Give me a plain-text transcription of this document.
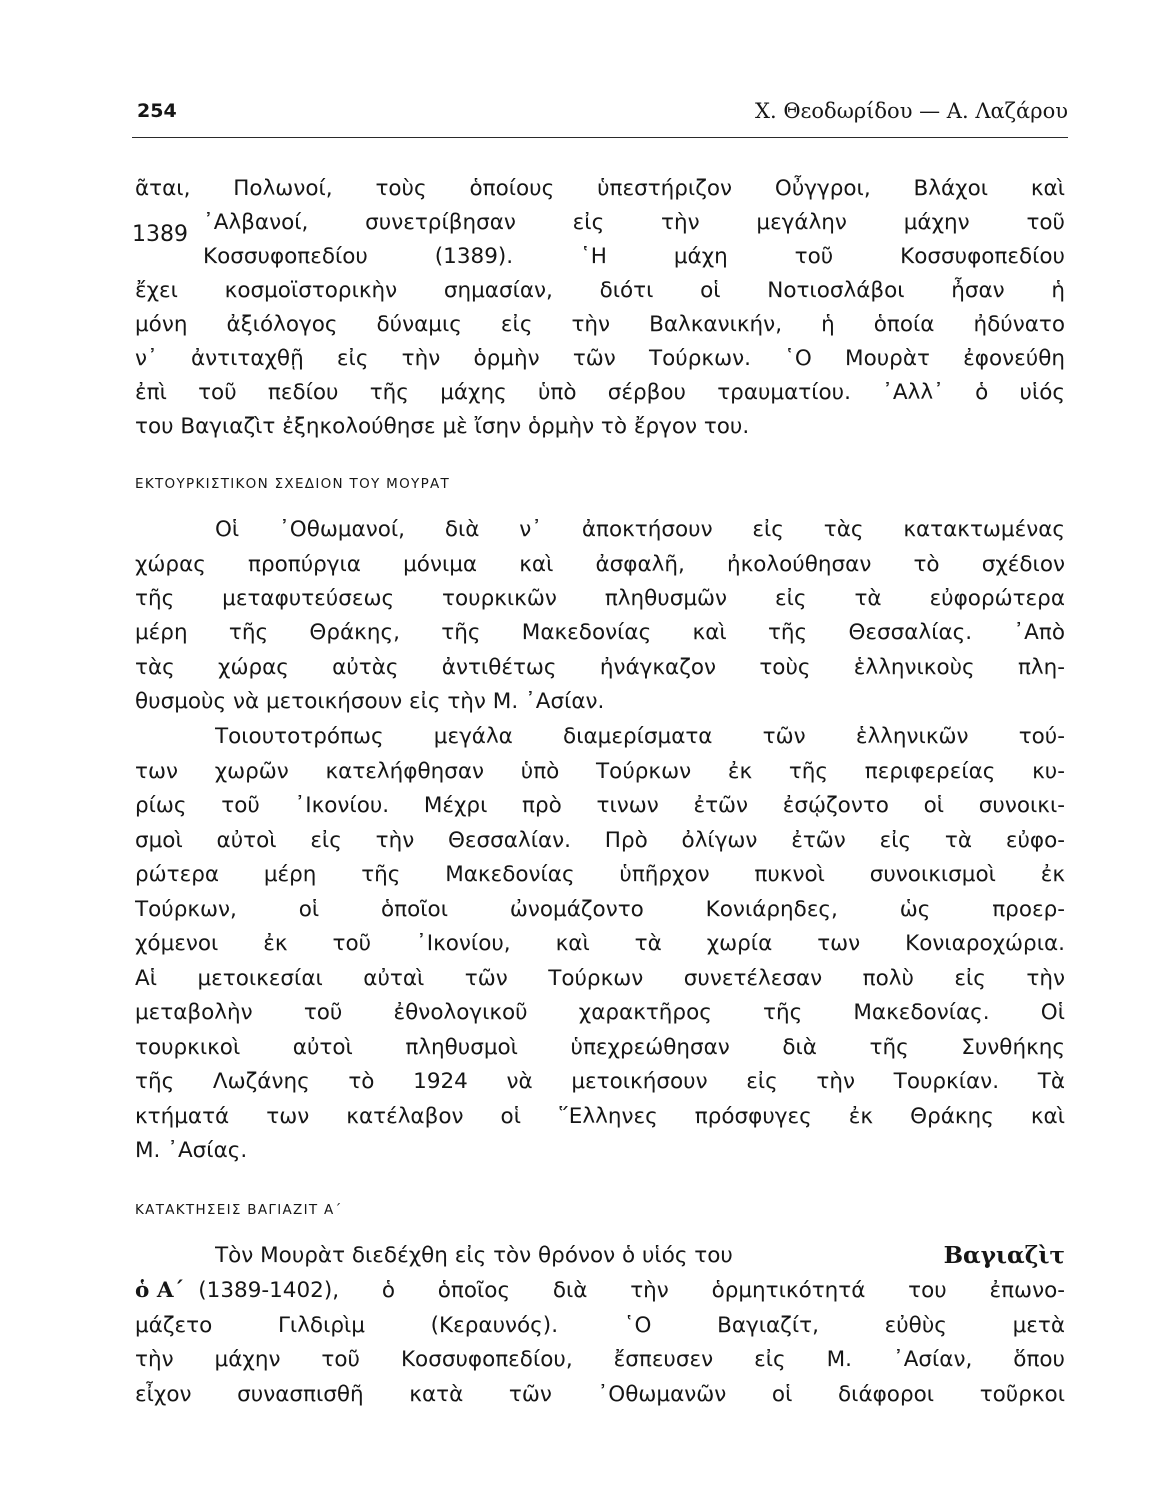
254	Χ. Θεοδωρίδου — Α. Λαζάρου
1389
ᾶται, Πολωνοί, τοὺς ὁποίους ὑπεστήριζον Οὖγγροι, Βλάχοι καὶ
᾽Αλβανοί, συνετρίβησαν εἰς τὴν μεγάλην μάχην τοῦ
Κοσσυφοπεδίου (1389). ῾Η μάχη τοῦ Κοσσυφοπεδίου
ἔχει κοσμοϊστορικὴν σημασίαν, διότι οἱ Νοτιοσλάβοι ἦσαν ἡ
μόνη ἀξιόλογος δύναμις εἰς τὴν Βαλκανικήν, ἡ ὁποία ἠδύνατο
ν᾽ ἀντιταχθῇ εἰς τὴν ὁρμὴν τῶν Τούρκων. ῾Ο Μουρὰτ ἐφονεύθη
ἐπὶ τοῦ πεδίου τῆς μάχης ὑπὸ σέρβου τραυματίου. ᾽Αλλ᾽ ὁ υἱός
του Βαγιαζὶτ ἐξηκολούθησε μὲ ἴσην ὁρμὴν τὸ ἔργον του.
ΕΚΤΟΥΡΚΙΣΤΙΚΟΝ ΣΧΕΔΙΟΝ ΤΟΥ ΜΟΥΡΑΤ
Οἱ ᾽Οθωμανοί, διὰ ν᾽ ἀποκτήσουν εἰς τὰς κατακτωμένας
χώρας προπύργια μόνιμα καὶ ἀσφαλῆ, ἠκολούθησαν τὸ σχέδιον
τῆς μεταφυτεύσεως τουρκικῶν πληθυσμῶν εἰς τὰ εὐφορώτερα
μέρη τῆς Θράκης, τῆς Μακεδονίας καὶ τῆς Θεσσαλίας. ᾽Απὸ
τὰς χώρας αὐτὰς ἀντιθέτως ἠνάγκαζον τοὺς ἑλληνικοὺς πλη-
θυσμοὺς νὰ μετοικήσουν εἰς τὴν Μ. ᾽Ασίαν.
Τοιουτοτρόπως μεγάλα διαμερίσματα τῶν ἑλληνικῶν τού-
των χωρῶν κατελήφθησαν ὑπὸ Τούρκων ἐκ τῆς περιφερείας κυ-
ρίως τοῦ ᾽Ικονίου. Μέχρι πρὸ τινων ἐτῶν ἐσῴζοντο οἱ συνοικι-
σμοὶ αὐτοὶ εἰς τὴν Θεσσαλίαν. Πρὸ ὀλίγων ἐτῶν εἰς τὰ εὐφο-
ρώτερα μέρη τῆς Μακεδονίας ὑπῆρχον πυκνοὶ συνοικισμοὶ ἐκ
Τούρκων, οἱ ὁποῖοι ὠνομάζοντο Κονιάρηδες, ὡς προερ-
χόμενοι ἐκ τοῦ ᾽Ικονίου, καὶ τὰ χωρία των Κονιαροχώρια.
Αἱ μετοικεσίαι αὐταὶ τῶν Τούρκων συνετέλεσαν πολὺ εἰς τὴν
μεταβολὴν τοῦ ἐθνολογικοῦ χαρακτῆρος τῆς Μακεδονίας. Οἱ
τουρκικοὶ αὐτοὶ πληθυσμοὶ ὑπεχρεώθησαν διὰ τῆς Συνθήκης
τῆς Λωζάνης τὸ 1924 νὰ μετοικήσουν εἰς τὴν Τουρκίαν. Τὰ
κτήματά των κατέλαβον οἱ ῞Ελληνες πρόσφυγες ἐκ Θράκης καὶ
Μ. ᾽Ασίας.
ΚΑΤΑΚΤΗΣΕΙΣ ΒΑΓΙΑΖΙΤ Α΄
Τὸν Μουρὰτ διεδέχθη εἰς τὸν θρόνον ὁ υἱός του	Βαγιαζὶτ
ὁ Α΄ (1389-1402), ὁ ὁποῖος διὰ τὴν ὁρμητικότητά του ἐπωνο-
μάζετο Γιλδιρὶμ (Κεραυνός). ῾Ο Βαγιαζίτ, εὐθὺς μετὰ
τὴν μάχην τοῦ Κοσσυφοπεδίου, ἔσπευσεν εἰς Μ. ᾽Ασίαν, ὅπου
εἶχον συνασπισθῆ κατὰ τῶν ᾽Οθωμανῶν οἱ διάφοροι τοῦρκοι
